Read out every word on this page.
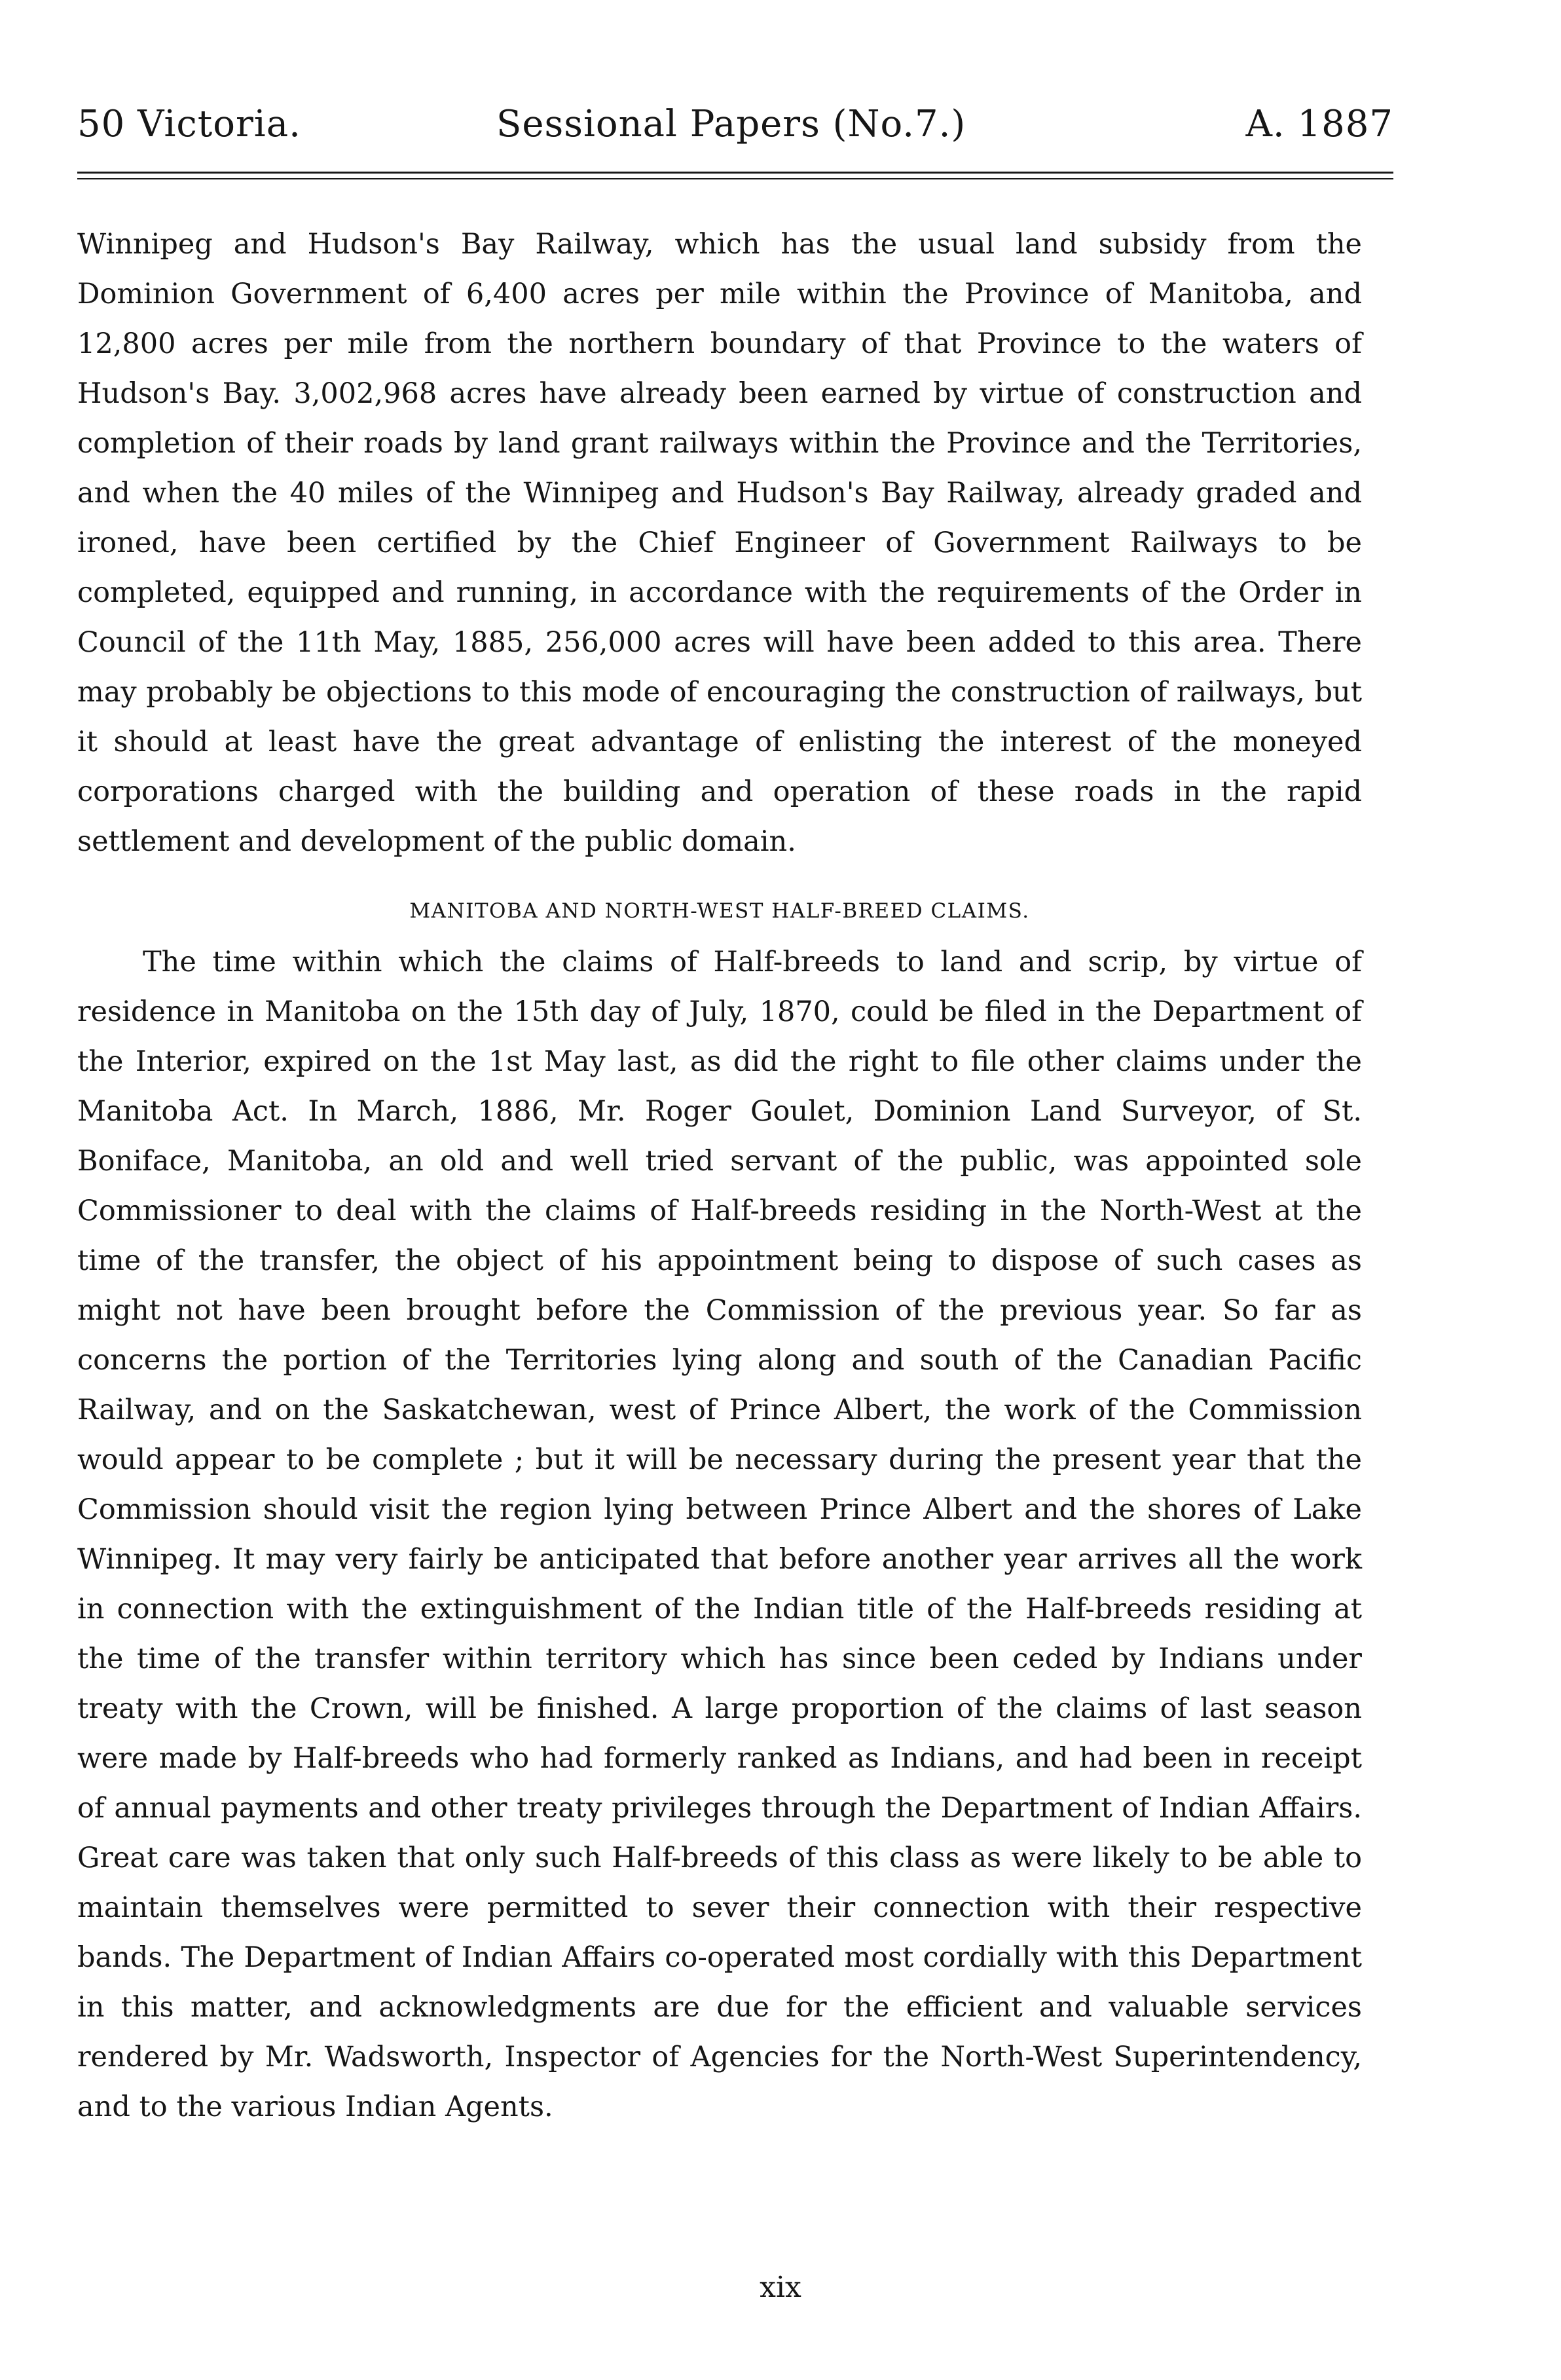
50 Victoria.	Sessional Papers (No.7.)	A. 1887

Winnipeg and Hudson's Bay Railway, which has the usual land subsidy from the Dominion Government of 6,400 acres per mile within the Province of Manitoba, and 12,800 acres per mile from the northern boundary of that Province to the waters of Hudson's Bay. 3,002,968 acres have already been earned by virtue of construction and completion of their roads by land grant railways within the Province and the Territories, and when the 40 miles of the Winnipeg and Hudson's Bay Railway, already graded and ironed, have been certified by the Chief Engineer of Government Railways to be completed, equipped and running, in accordance with the requirements of the Order in Council of the 11th May, 1885, 256,000 acres will have been added to this area. There may probably be objections to this mode of encouraging the construction of railways, but it should at least have the great advantage of enlisting the interest of the moneyed corporations charged with the building and operation of these roads in the rapid settlement and development of the public domain.

MANITOBA AND NORTH-WEST HALF-BREED CLAIMS.

The time within which the claims of Half-breeds to land and scrip, by virtue of residence in Manitoba on the 15th day of July, 1870, could be filed in the Department of the Interior, expired on the 1st May last, as did the right to file other claims under the Manitoba Act. In March, 1886, Mr. Roger Goulet, Dominion Land Surveyor, of St. Boniface, Manitoba, an old and well tried servant of the public, was appointed sole Commissioner to deal with the claims of Half-breeds residing in the North-West at the time of the transfer, the object of his appointment being to dispose of such cases as might not have been brought before the Commission of the previous year. So far as concerns the portion of the Territories lying along and south of the Canadian Pacific Railway, and on the Saskatchewan, west of Prince Albert, the work of the Commission would appear to be complete ; but it will be necessary during the present year that the Commission should visit the region lying between Prince Albert and the shores of Lake Winnipeg. It may very fairly be anticipated that before another year arrives all the work in connection with the extinguishment of the Indian title of the Half-breeds residing at the time of the transfer within territory which has since been ceded by Indians under treaty with the Crown, will be finished. A large proportion of the claims of last season were made by Half-breeds who had formerly ranked as Indians, and had been in receipt of annual payments and other treaty privileges through the Department of Indian Affairs. Great care was taken that only such Half-breeds of this class as were likely to be able to maintain themselves were permitted to sever their connection with their respective bands. The Department of Indian Affairs co-operated most cordially with this Department in this matter, and acknowledgments are due for the efficient and valuable services rendered by Mr. Wadsworth, Inspector of Agencies for the North-West Superintendency, and to the various Indian Agents.

xix
